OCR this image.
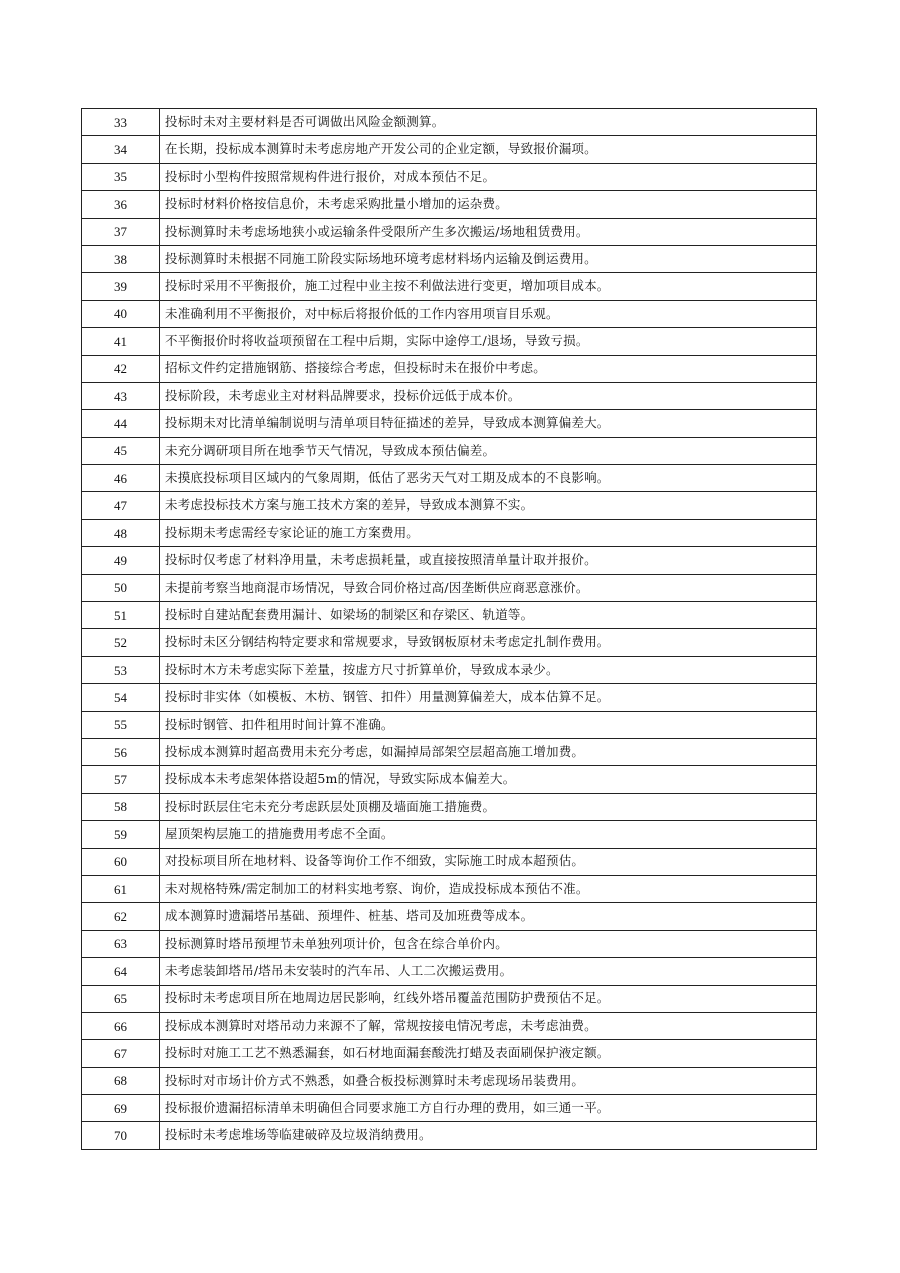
33	投标时未对主要材料是否可调做出风险金额测算。
34	在长期，投标成本测算时未考虑房地产开发公司的企业定额，导致报价漏项。
35	投标时小型构件按照常规构件进行报价，对成本预估不足。
36	投标时材料价格按信息价，未考虑采购批量小增加的运杂费。
37	投标测算时未考虑场地狭小或运输条件受限所产生多次搬运/场地租赁费用。
38	投标测算时未根据不同施工阶段实际场地环境考虑材料场内运输及倒运费用。
39	投标时采用不平衡报价，施工过程中业主按不利做法进行变更，增加项目成本。
40	未准确利用不平衡报价，对中标后将报价低的工作内容用项盲目乐观。
41	不平衡报价时将收益项预留在工程中后期，实际中途停工/退场，导致亏损。
42	招标文件约定措施钢筋、搭接综合考虑，但投标时未在报价中考虑。
43	投标阶段，未考虑业主对材料品牌要求，投标价远低于成本价。
44	投标期未对比清单编制说明与清单项目特征描述的差异，导致成本测算偏差大。
45	未充分调研项目所在地季节天气情况，导致成本预估偏差。
46	未摸底投标项目区域内的气象周期，低估了恶劣天气对工期及成本的不良影响。
47	未考虑投标技术方案与施工技术方案的差异，导致成本测算不实。
48	投标期未考虑需经专家论证的施工方案费用。
49	投标时仅考虑了材料净用量，未考虑损耗量，或直接按照清单量计取并报价。
50	未提前考察当地商混市场情况，导致合同价格过高/因垄断供应商恶意涨价。
51	投标时自建站配套费用漏计、如梁场的制梁区和存梁区、轨道等。
52	投标时未区分钢结构特定要求和常规要求，导致钢板原材未考虑定扎制作费用。
53	投标时木方未考虑实际下差量，按虚方尺寸折算单价，导致成本录少。
54	投标时非实体（如模板、木枋、钢管、扣件）用量测算偏差大，成本估算不足。
55	投标时钢管、扣件租用时间计算不准确。
56	投标成本测算时超高费用未充分考虑，如漏掉局部架空层超高施工增加费。
57	投标成本未考虑架体搭设超5m的情况，导致实际成本偏差大。
58	投标时跃层住宅未充分考虑跃层处顶棚及墙面施工措施费。
59	屋顶架构层施工的措施费用考虑不全面。
60	对投标项目所在地材料、设备等询价工作不细致，实际施工时成本超预估。
61	未对规格特殊/需定制加工的材料实地考察、询价，造成投标成本预估不准。
62	成本测算时遗漏塔吊基础、预埋件、桩基、塔司及加班费等成本。
63	投标测算时塔吊预埋节未单独列项计价，包含在综合单价内。
64	未考虑装卸塔吊/塔吊未安装时的汽车吊、人工二次搬运费用。
65	投标时未考虑项目所在地周边居民影响，红线外塔吊覆盖范围防护费预估不足。
66	投标成本测算时对塔吊动力来源不了解，常规按接电情况考虑，未考虑油费。
67	投标时对施工工艺不熟悉漏套，如石材地面漏套酸洗打蜡及表面刷保护液定额。
68	投标时对市场计价方式不熟悉，如叠合板投标测算时未考虑现场吊装费用。
69	投标报价遗漏招标清单未明确但合同要求施工方自行办理的费用，如三通一平。
70	投标时未考虑堆场等临建破碎及垃圾消纳费用。
